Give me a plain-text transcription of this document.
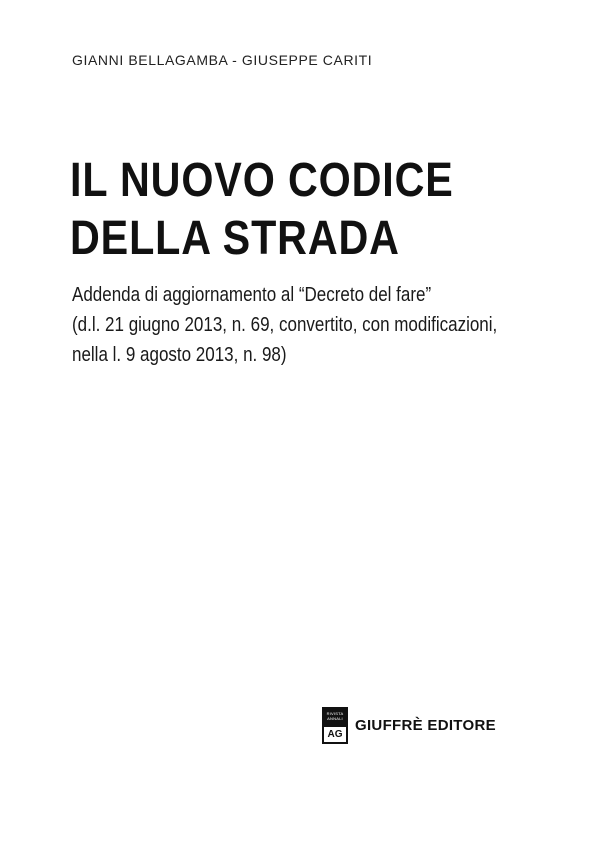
GIANNI BELLAGAMBA - GIUSEPPE CARITI
IL NUOVO CODICE
DELLA STRADA
Addenda di aggiornamento al “Decreto del fare”
(d.l. 21 giugno 2013, n. 69, convertito, con modificazioni,
nella l. 9 agosto 2013, n. 98)
RIVISTA ANNALI
AG
GIUFFRÈ EDITORE
